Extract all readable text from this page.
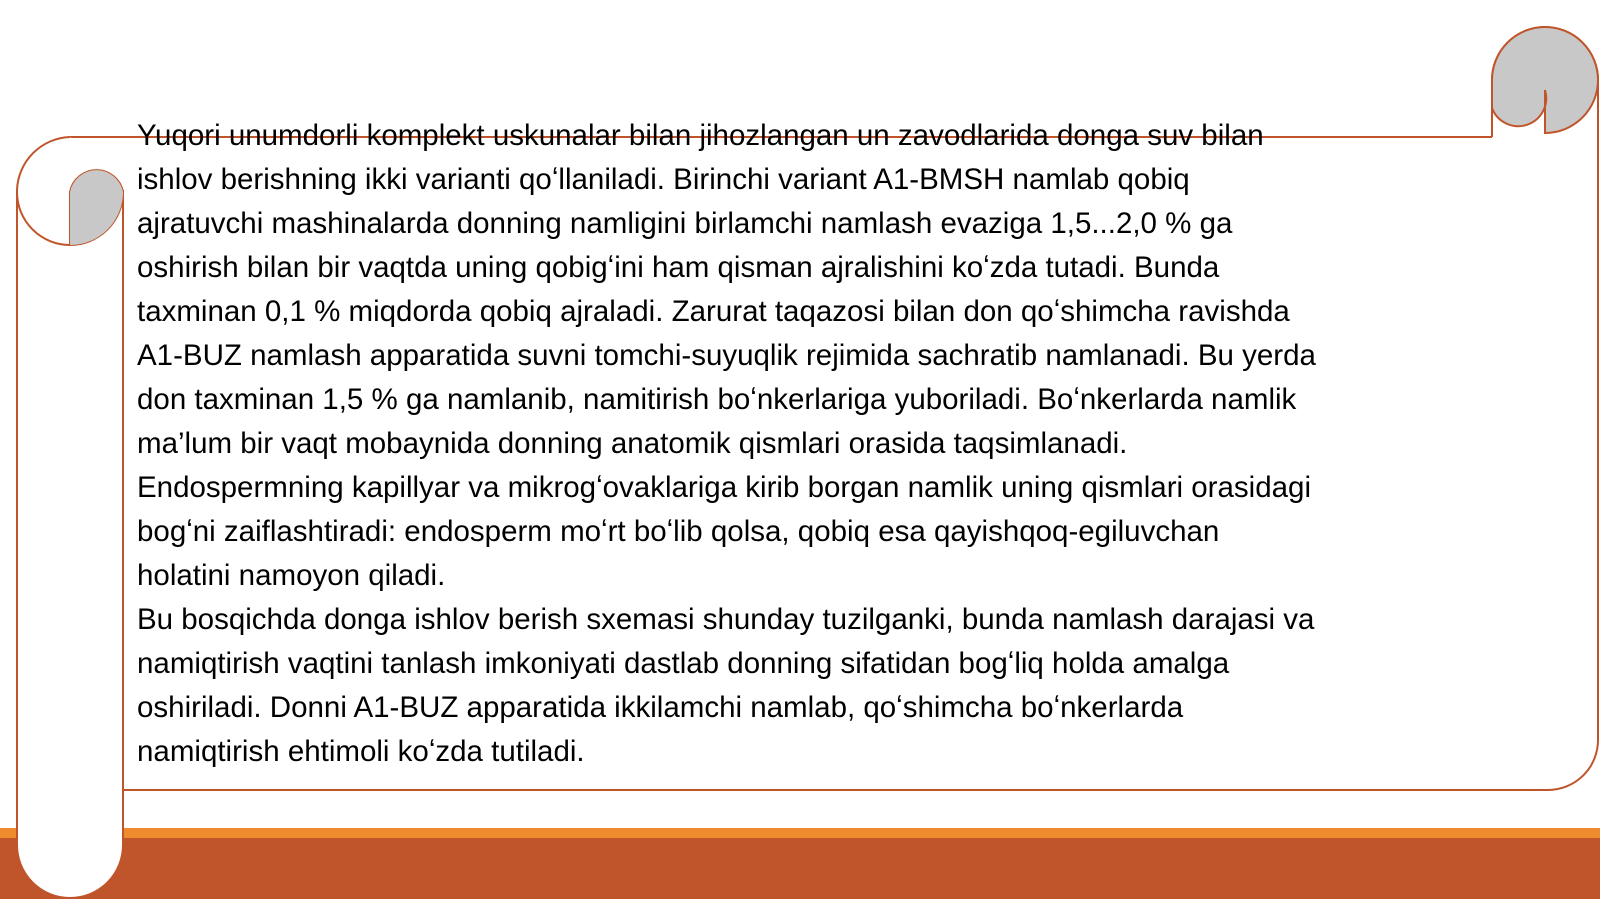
Yuqori unumdorli komplekt uskunalar bilan jihozlangan un zavodlarida donga suv bilan
ishlov berishning ikki varianti qoʻllaniladi. Birinchi variant A1-BMSH namlab qobiq
ajratuvchi mashinalarda donning namligini birlamchi namlash evaziga 1,5...2,0 % ga
oshirish bilan bir vaqtda uning qobigʻini ham qisman ajralishini koʻzda tutadi. Bunda
taxminan 0,1 % miqdorda qobiq ajraladi. Zarurat taqazosi bilan don qoʻshimcha ravishda
A1-BUZ namlash apparatida suvni tomchi-suyuqlik rejimida sachratib namlanadi. Bu yerda
don taxminan 1,5 % ga namlanib, namitirish boʻnkerlariga yuboriladi. Boʻnkerlarda namlik
ma’lum bir vaqt mobaynida donning anatomik qismlari orasida taqsimlanadi.
Endospermning kapillyar va mikrogʻovaklariga kirib borgan namlik uning qismlari orasidagi
bogʻni zaiflashtiradi: endosperm moʻrt boʻlib qolsa, qobiq esa qayishqoq-egiluvchan
holatini namoyon qiladi.

Bu bosqichda donga ishlov berish sxemasi shunday tuzilganki, bunda namlash darajasi va
namiqtirish vaqtini tanlash imkoniyati dastlab donning sifatidan bogʻliq holda amalga
oshiriladi. Donni A1-BUZ apparatida ikkilamchi namlab, qoʻshimcha boʻnkerlarda
namiqtirish ehtimoli koʻzda tutiladi.
